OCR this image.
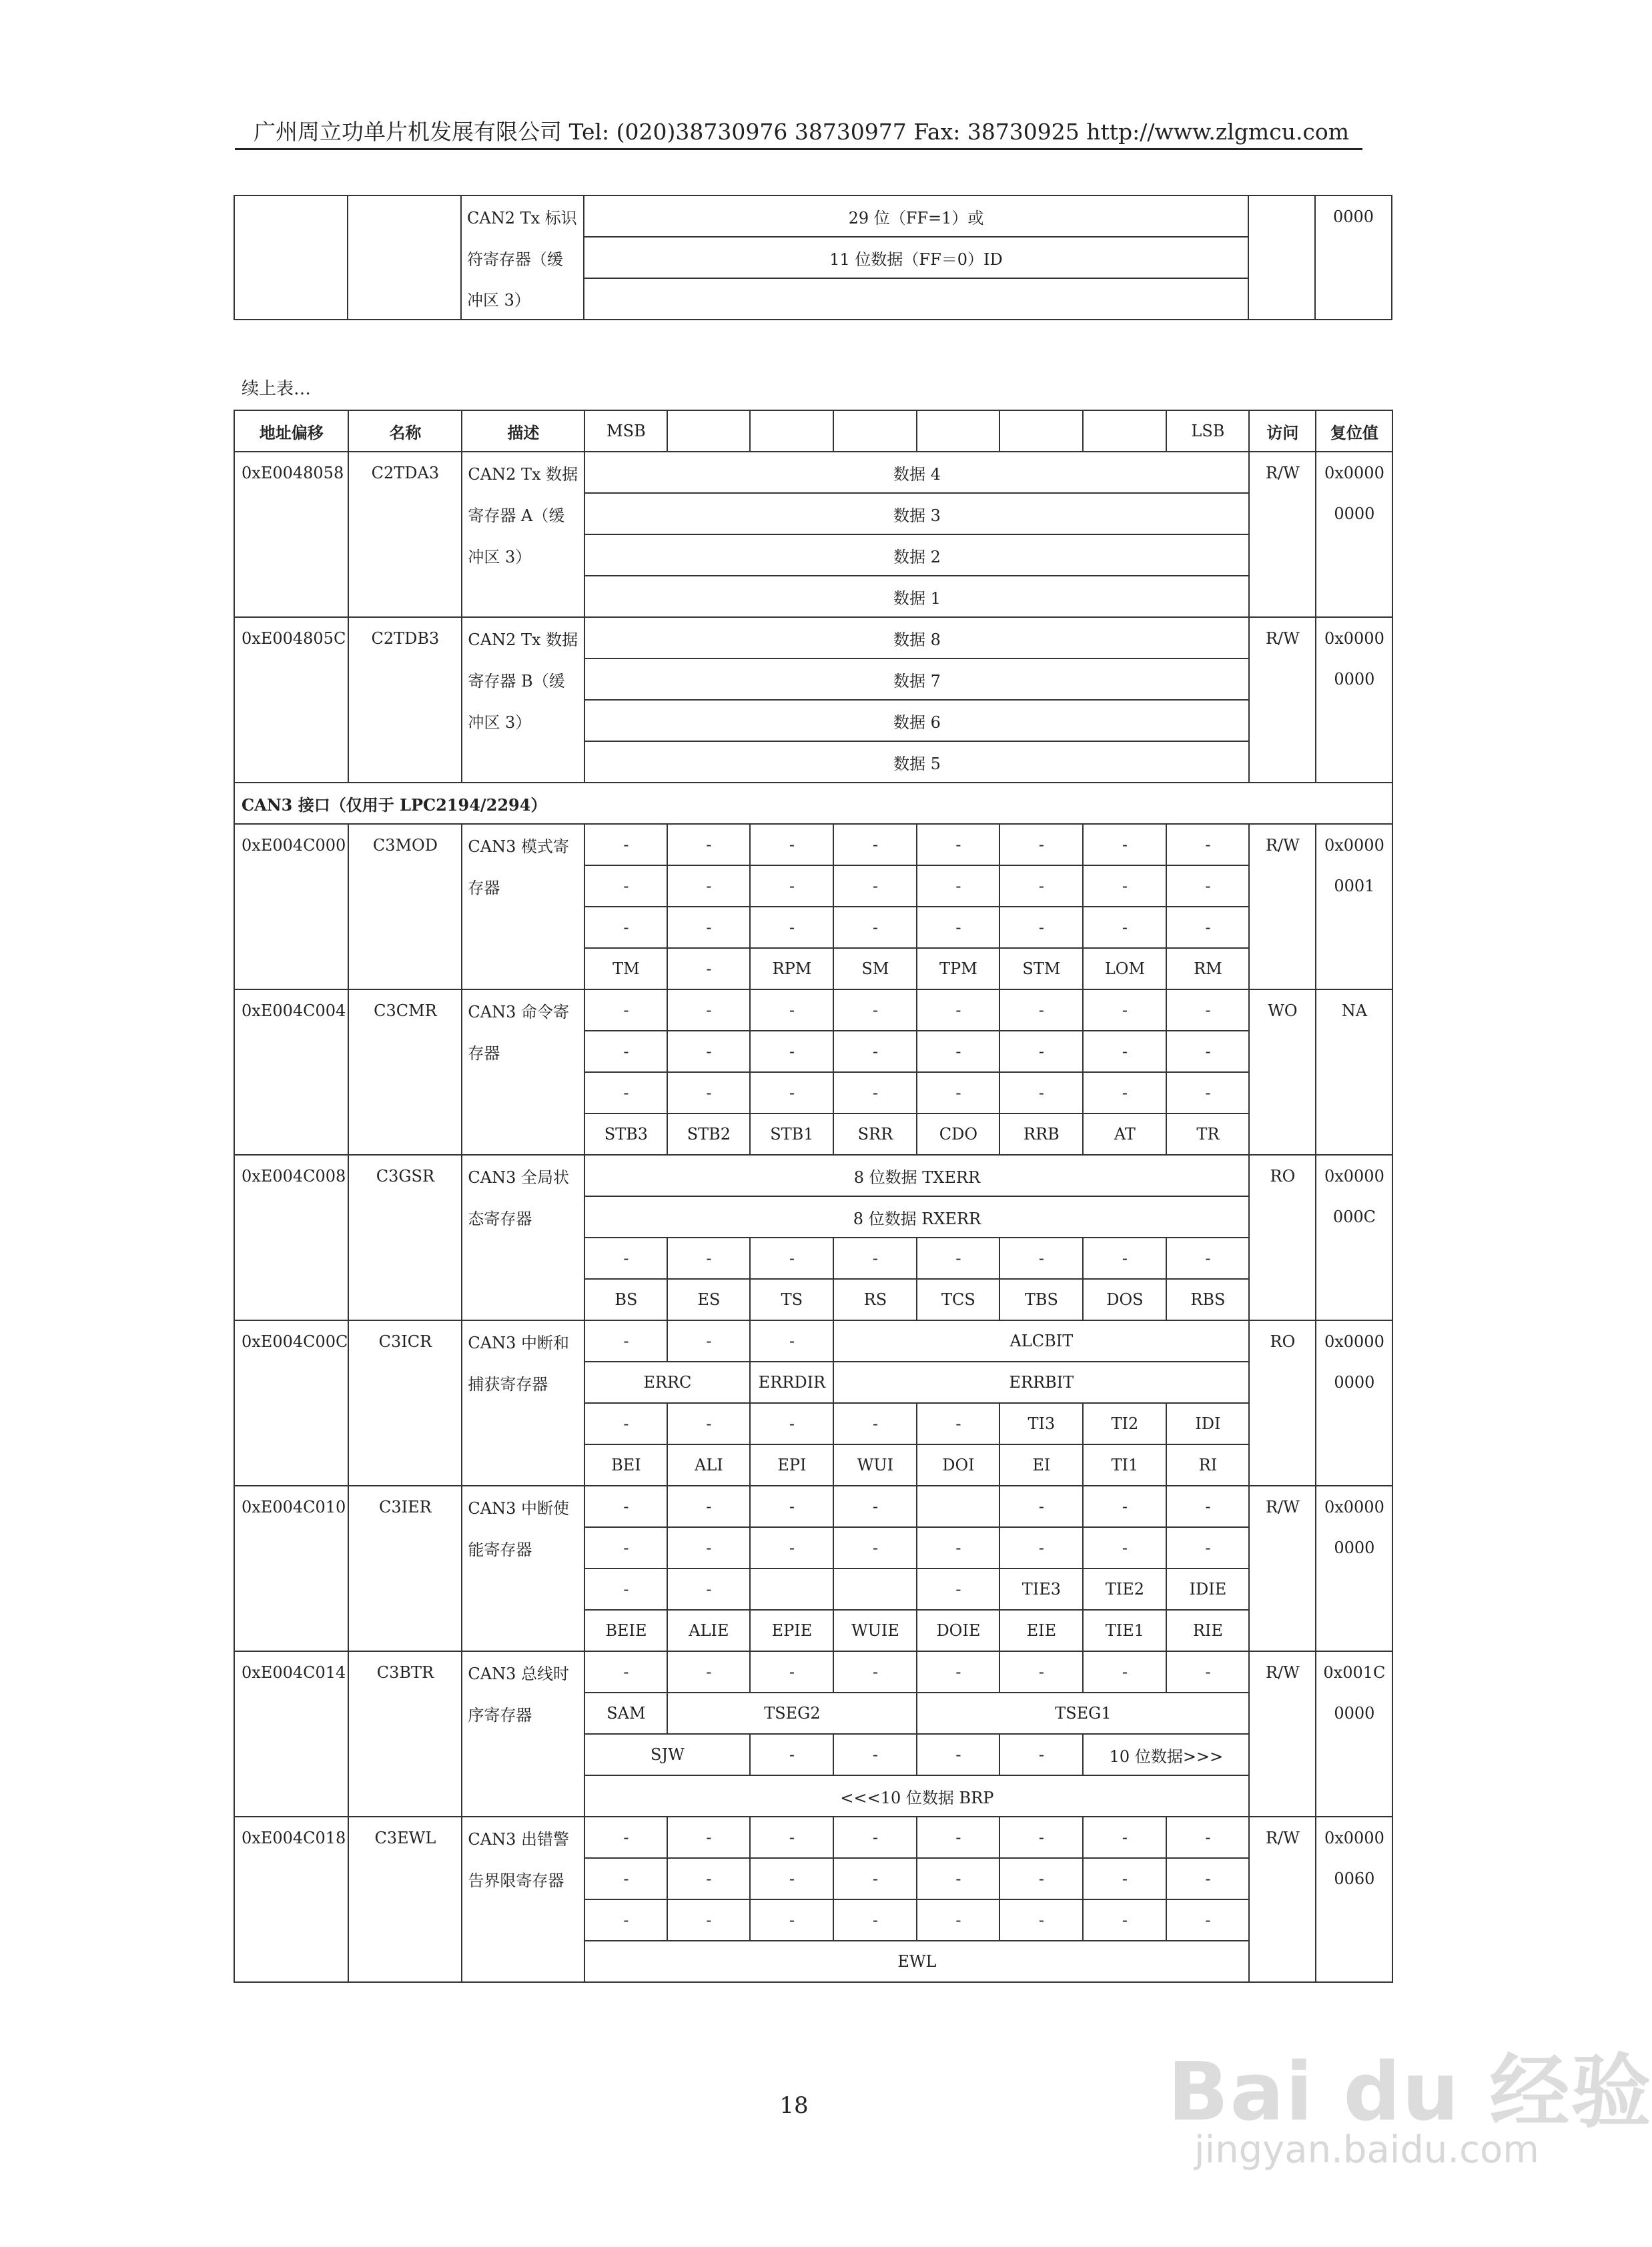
广州周立功单片机发展有限公司 Tel: (020)38730976 38730977 Fax: 38730925 http://www.zlgmcu.com
		CAN2 Tx 标识	29 位（FF=1）或		0000
		符寄存器（缓	11 位数据（FF＝0）ID		
		冲区 3）			
续上表…
地址偏移	名称	描述	MSB							LSB	访问	复位值
0xE0048058	C2TDA3	CAN2 Tx 数据	数据 4								R/W	0x0000
		寄存器 A（缓	数据 3									0000
		冲区 3）	数据 2									
			数据 1									
0xE004805C	C2TDB3	CAN2 Tx 数据	数据 8								R/W	0x0000
		寄存器 B（缓	数据 7									0000
		冲区 3）	数据 6									
			数据 5									
CAN3 接口（仅用于 LPC2194/2294）												
0xE004C000	C3MOD	CAN3 模式寄	-	-	-	-	-	-	-	-	R/W	0x0000
		存器	-	-	-	-	-	-	-	-		0001
			-	-	-	-	-	-	-	-		
			TM	-	RPM	SM	TPM	STM	LOM	RM		
0xE004C004	C3CMR	CAN3 命令寄	-	-	-	-	-	-	-	-	WO	NA
		存器	-	-	-	-	-	-	-	-		
			-	-	-	-	-	-	-	-		
			STB3	STB2	STB1	SRR	CDO	RRB	AT	TR		
0xE004C008	C3GSR	CAN3 全局状	8 位数据 TXERR								RO	0x0000
		态寄存器	8 位数据 RXERR									000C
			-	-	-	-	-	-	-	-		
			BS	ES	TS	RS	TCS	TBS	DOS	RBS		
0xE004C00C	C3ICR	CAN3 中断和	-	-	-	ALCBIT					RO	0x0000
		捕获寄存器	ERRC		ERRDIR	ERRBIT						0000
			-	-	-	-	-	TI3	TI2	IDI		
			BEI	ALI	EPI	WUI	DOI	EI	TI1	RI		
0xE004C010	C3IER	CAN3 中断使	-	-	-	-		-	-	-	R/W	0x0000
		能寄存器	-	-	-	-	-	-	-	-		0000
			-	-			-	TIE3	TIE2	IDIE		
			BEIE	ALIE	EPIE	WUIE	DOIE	EIE	TIE1	RIE		
0xE004C014	C3BTR	CAN3 总线时	-	-	-	-	-	-	-	-	R/W	0x001C
		序寄存器	SAM	TSEG2			TSEG1					0000
			SJW		-	-	-	-	10 位数据>>>			
			<<<10 位数据 BRP									
0xE004C018	C3EWL	CAN3 出错警	-	-	-	-	-	-	-	-	R/W	0x0000
		告界限寄存器	-	-	-	-	-	-	-	-		0060
			-	-	-	-	-	-	-	-		
			EWL									
18	Bai du 经验
jingyan.baidu.com
